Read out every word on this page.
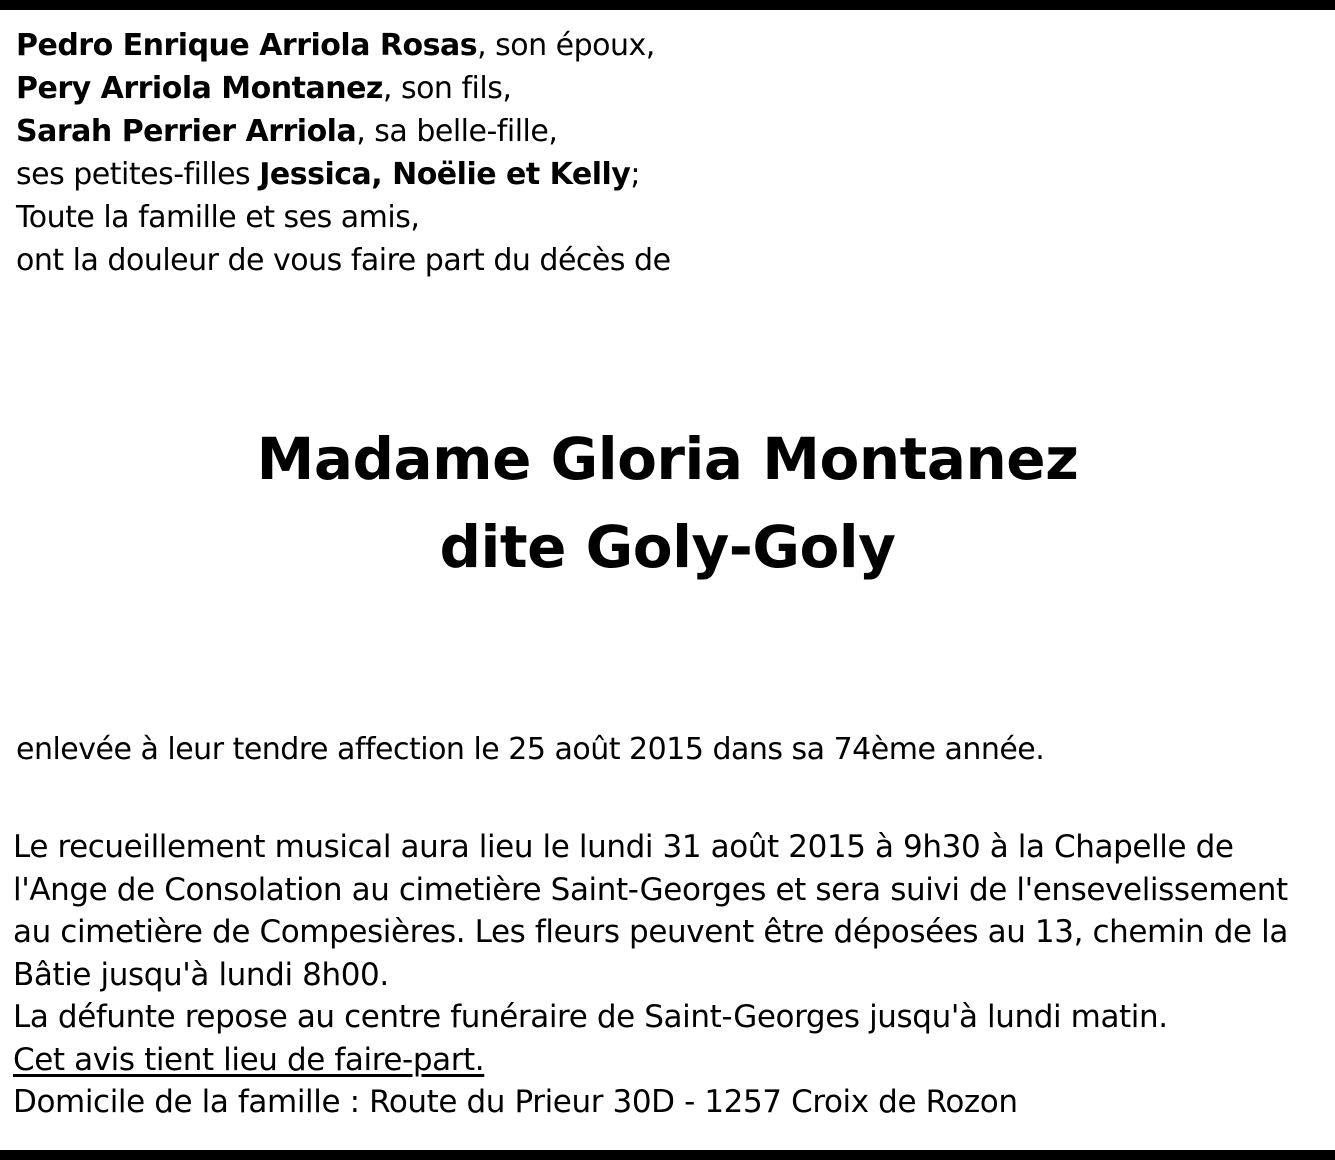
Pedro Enrique Arriola Rosas, son époux,
Pery Arriola Montanez, son fils,
Sarah Perrier Arriola, sa belle-fille,
ses petites-filles Jessica, Noëlie et Kelly;
Toute la famille et ses amis,
ont la douleur de vous faire part du décès de
Madame Gloria Montanez
dite Goly-Goly
enlevée à leur tendre affection le 25 août 2015 dans sa 74ème année.
Le recueillement musical aura lieu le lundi 31 août 2015 à 9h30 à la Chapelle de
l'Ange de Consolation au cimetière Saint-Georges et sera suivi de l'ensevelissement
au cimetière de Compesières. Les fleurs peuvent être déposées au 13, chemin de la
Bâtie jusqu'à lundi 8h00.
La défunte repose au centre funéraire de Saint-Georges jusqu'à lundi matin.
Cet avis tient lieu de faire-part.
Domicile de la famille : Route du Prieur 30D - 1257 Croix de Rozon
